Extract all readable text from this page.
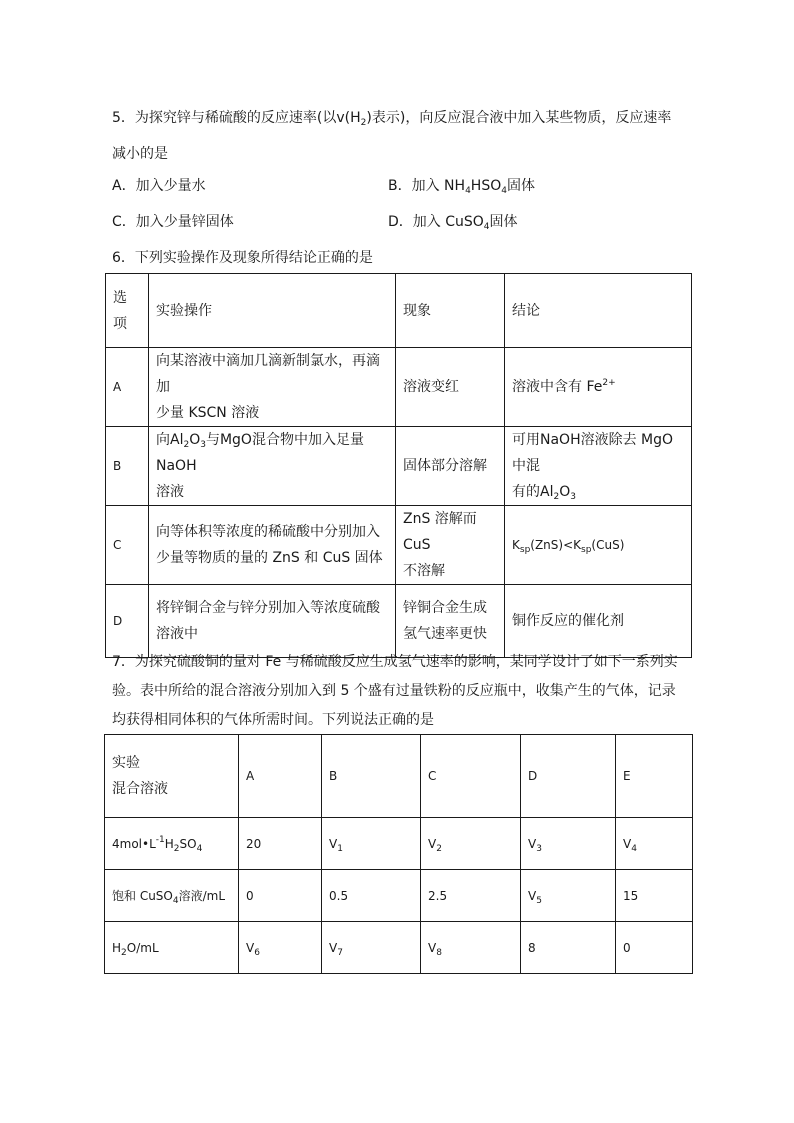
5．为探究锌与稀硫酸的反应速率(以$v(H_2)$表示)，向反应混合液中加入某些物质，反应速率
减小的是
A．加入少量水	B．加入 $NH_4HSO_4$固体
C．加入少量锌固体	D．加入 CuSO$_4$固体
6．下列实验操作及现象所得结论正确的是
选
项	实验操作	现象	结论
A	向某溶液中滴加几滴新制氯水，再滴加
少量 KSCN 溶液	溶液变红	溶液中含有 $Fe^{2+}$
B	向$Al_2O_3$与MgO混合物中加入足量NaOH
溶液	固体部分溶解	可用NaOH溶液除去 MgO 中混
有的$Al_2O_3$
C	向等体积等浓度的稀硫酸中分别加入
少量等物质的量的 ZnS 和 CuS 固体	ZnS 溶解而 CuS
不溶解	$K_{sp}(ZnS)<K_{sp}(CuS)$
D	将锌铜合金与锌分别加入等浓度硫酸
溶液中	锌铜合金生成
氢气速率更快	铜作反应的催化剂
7．为探究硫酸铜的量对 Fe 与稀硫酸反应生成氢气速率的影响，某同学设计了如下一系列实
验。表中所给的混合溶液分别加入到 5 个盛有过量铁粉的反应瓶中，收集产生的气体，记录
均获得相同体积的气体所需时间。下列说法正确的是
实验
混合溶液	A	B	C	D	E
$4mol•L^{-1}H_2SO_4$	20	$V_1$	$V_2$	$V_3$	$V_4$
饱和 CuSO$_4$溶液/mL	0	0.5	2.5	$V_5$	15
$H_2O/mL$	$V_6$	$V_7$	$V_8$	8	0
